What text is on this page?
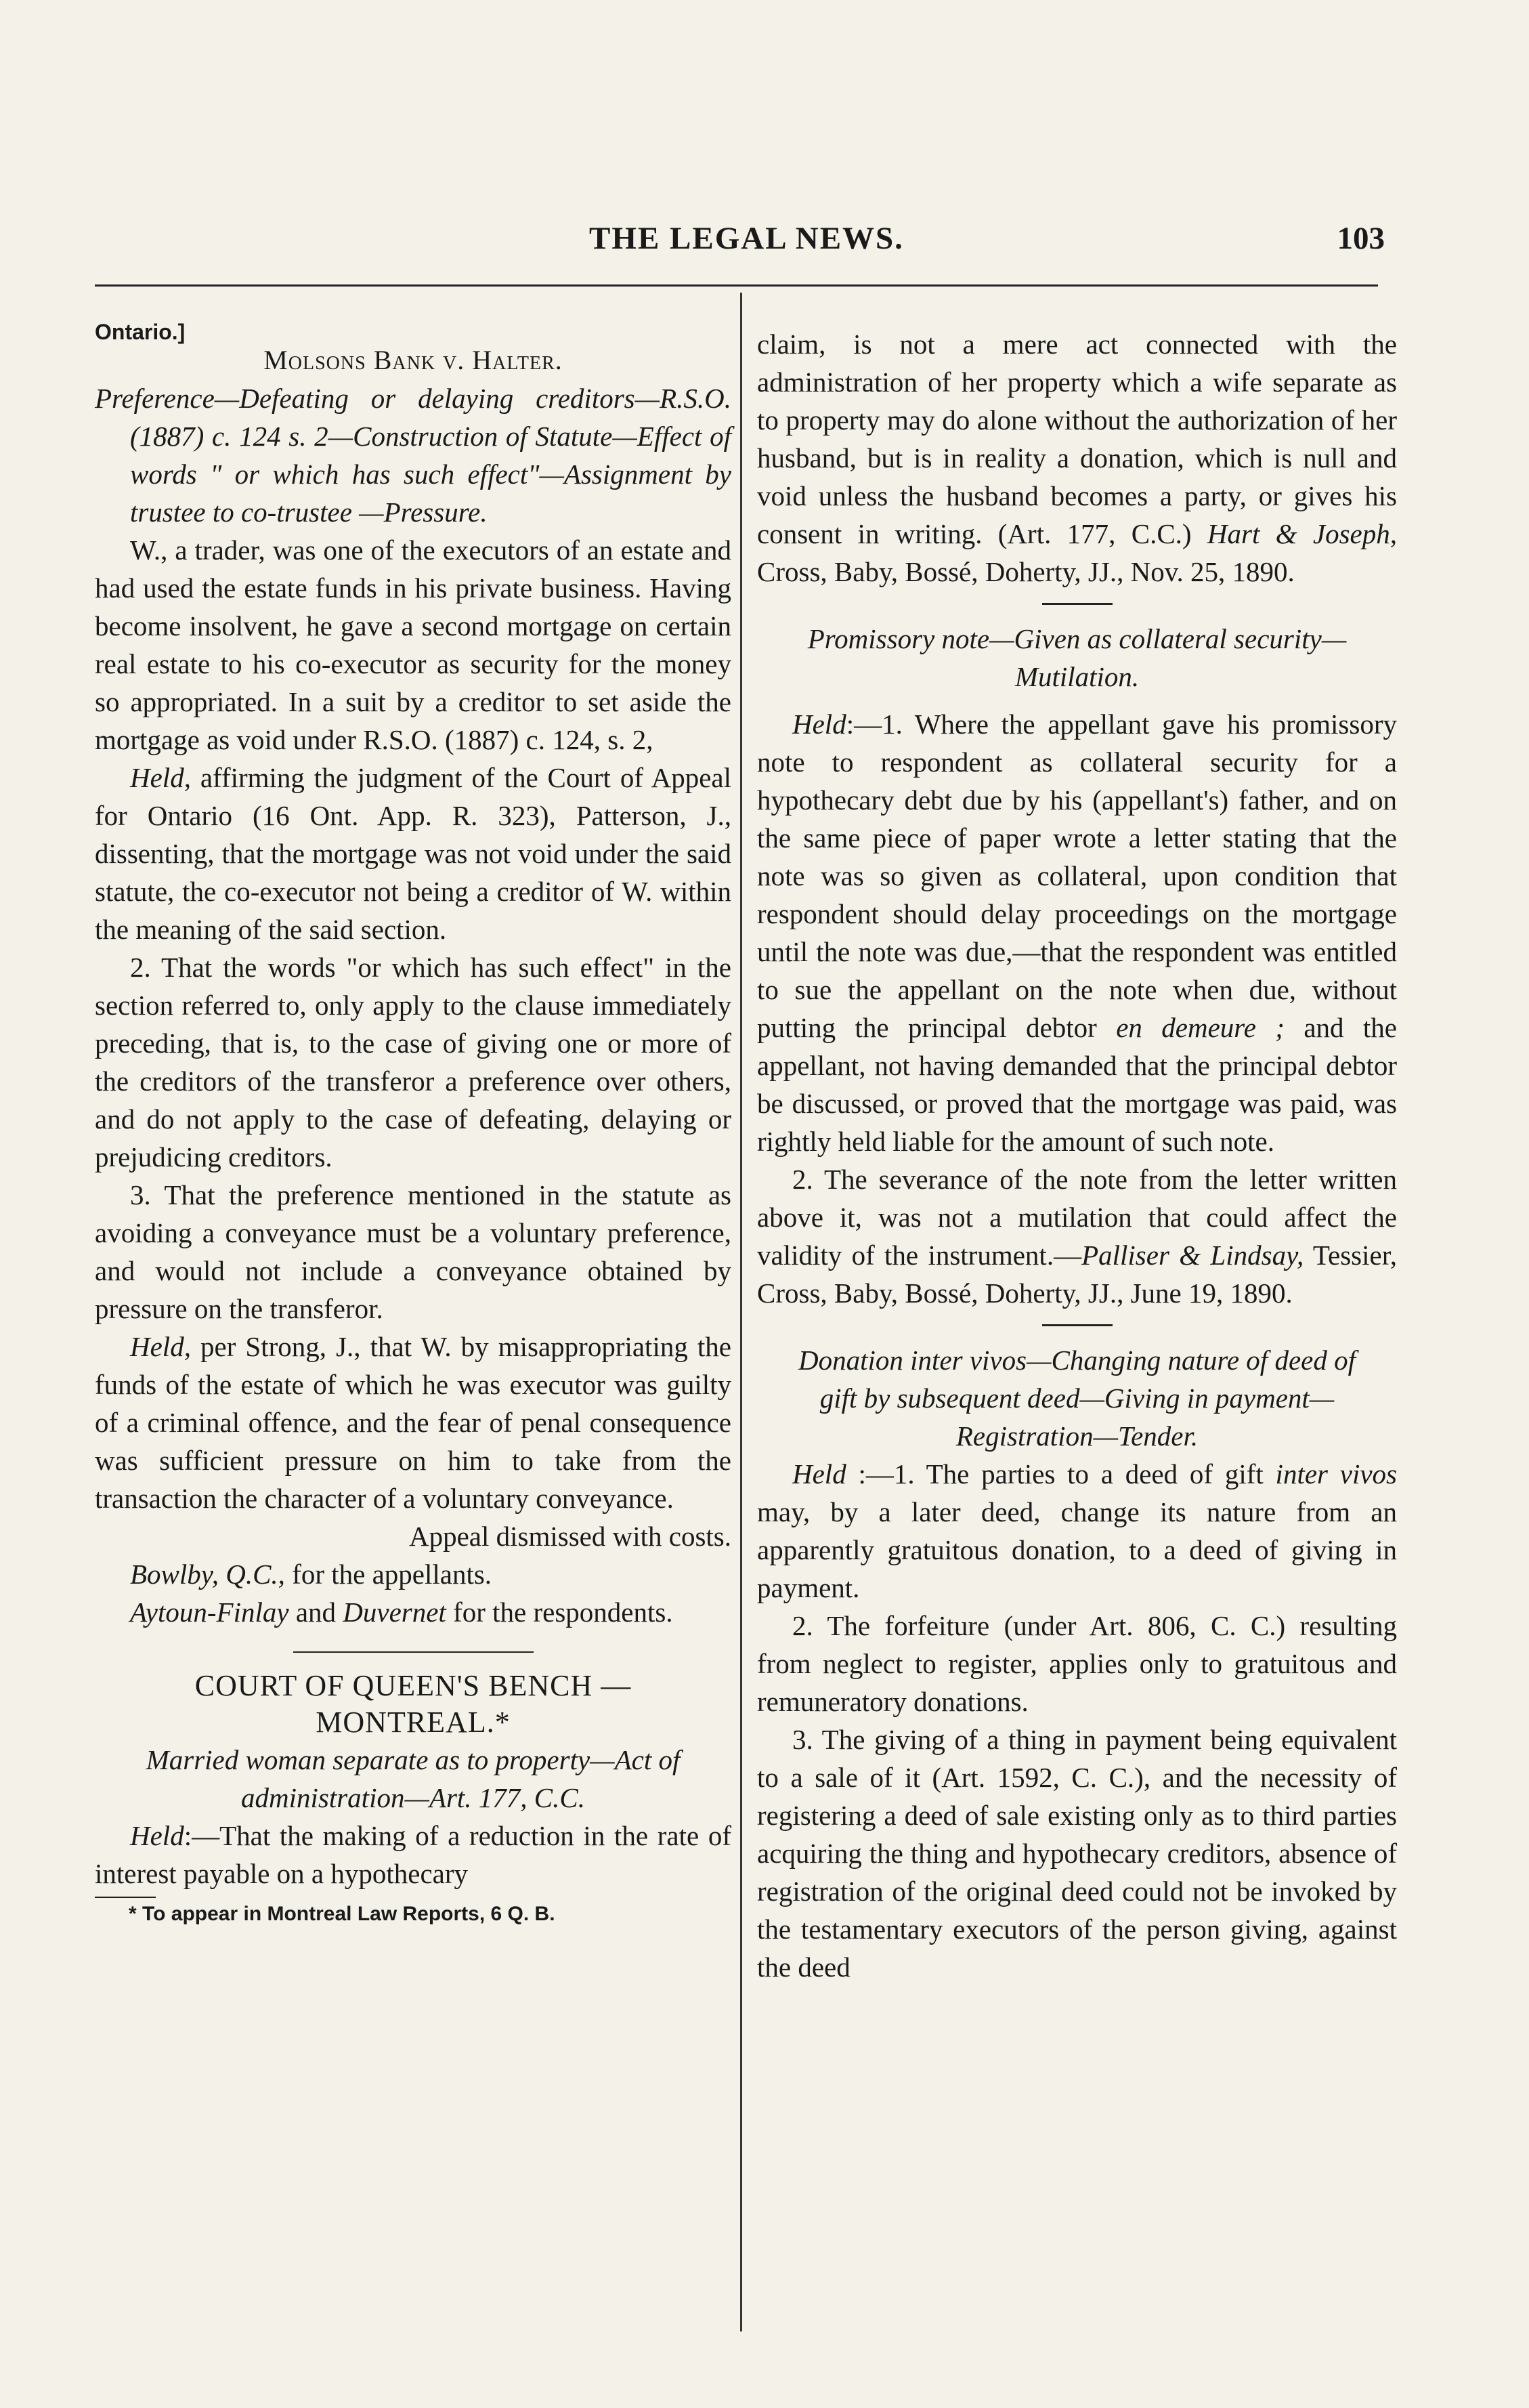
THE LEGAL NEWS.	103

Ontario.]

Molsons Bank v. Halter.

Preference—Defeating or delaying creditors—R.S.O. (1887) c. 124 s. 2—Construction of Statute—Effect of words " or which has such effect"—Assignment by trustee to co-trustee —Pressure.

W., a trader, was one of the executors of an estate and had used the estate funds in his private business. Having become insolvent, he gave a second mortgage on certain real estate to his co-executor as security for the money so appropriated. In a suit by a creditor to set aside the mortgage as void under R.S.O. (1887) c. 124, s. 2,

Held, affirming the judgment of the Court of Appeal for Ontario (16 Ont. App. R. 323), Patterson, J., dissenting, that the mortgage was not void under the said statute, the co-executor not being a creditor of W. within the meaning of the said section.

2. That the words "or which has such effect" in the section referred to, only apply to the clause immediately preceding, that is, to the case of giving one or more of the creditors of the transferor a preference over others, and do not apply to the case of defeating, delaying or prejudicing creditors.

3. That the preference mentioned in the statute as avoiding a conveyance must be a voluntary preference, and would not include a conveyance obtained by pressure on the transferor.

Held, per Strong, J., that W. by misappropriating the funds of the estate of which he was executor was guilty of a criminal offence, and the fear of penal consequence was sufficient pressure on him to take from the transaction the character of a voluntary conveyance.

Appeal dismissed with costs.

Bowlby, Q.C., for the appellants.

Aytoun-Finlay and Duvernet for the respondents.

COURT OF QUEEN'S BENCH — MONTREAL.*

Married woman separate as to property—Act of administration—Art. 177, C.C.

Held:—That the making of a reduction in the rate of interest payable on a hypothecary

* To appear in Montreal Law Reports, 6 Q. B.

claim, is not a mere act connected with the administration of her property which a wife separate as to property may do alone without the authorization of her husband, but is in reality a donation, which is null and void unless the husband becomes a party, or gives his consent in writing. (Art. 177, C.C.) Hart & Joseph, Cross, Baby, Bossé, Doherty, JJ., Nov. 25, 1890.

Promissory note—Given as collateral security—Mutilation.

Held:—1. Where the appellant gave his promissory note to respondent as collateral security for a hypothecary debt due by his (appellant's) father, and on the same piece of paper wrote a letter stating that the note was so given as collateral, upon condition that respondent should delay proceedings on the mortgage until the note was due,—that the respondent was entitled to sue the appellant on the note when due, without putting the principal debtor en demeure ; and the appellant, not having demanded that the principal debtor be discussed, or proved that the mortgage was paid, was rightly held liable for the amount of such note.

2. The severance of the note from the letter written above it, was not a mutilation that could affect the validity of the instrument.—Palliser & Lindsay, Tessier, Cross, Baby, Bossé, Doherty, JJ., June 19, 1890.

Donation inter vivos—Changing nature of deed of gift by subsequent deed—Giving in payment—Registration—Tender.

Held :—1. The parties to a deed of gift inter vivos may, by a later deed, change its nature from an apparently gratuitous donation, to a deed of giving in payment.

2. The forfeiture (under Art. 806, C. C.) resulting from neglect to register, applies only to gratuitous and remuneratory donations.

3. The giving of a thing in payment being equivalent to a sale of it (Art. 1592, C. C.), and the necessity of registering a deed of sale existing only as to third parties acquiring the thing and hypothecary creditors, absence of registration of the original deed could not be invoked by the testamentary executors of the person giving, against the deed
